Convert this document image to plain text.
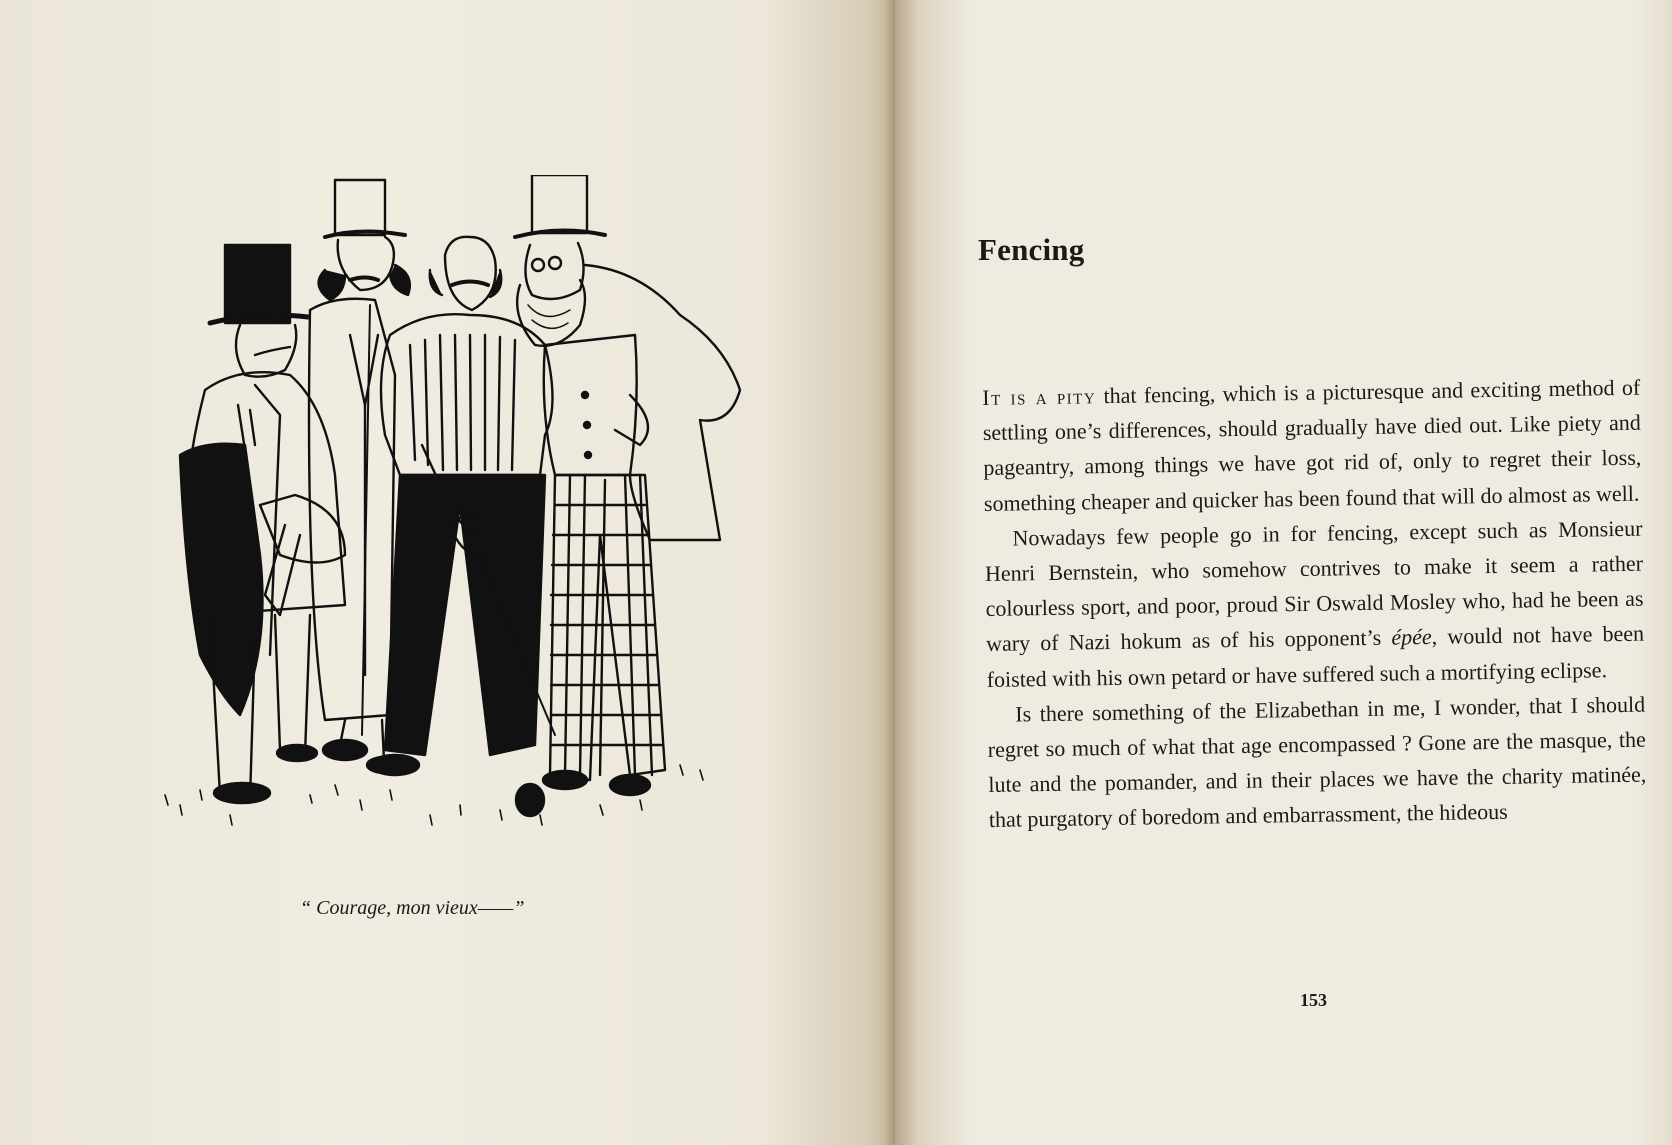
“ Courage, mon vieux——”
Fencing

It is a pity that fencing, which is a picturesque and exciting method of settling one’s differences, should gradually have died out. Like piety and pageantry, among things we have got rid of, only to regret their loss, something cheaper and quicker has been found that will do almost as well.

Nowadays few people go in for fencing, except such as Monsieur Henri Bernstein, who somehow contrives to make it seem a rather colourless sport, and poor, proud Sir Oswald Mosley who, had he been as wary of Nazi hokum as of his opponent’s épée, would not have been foisted with his own petard or have suffered such a mortifying eclipse.

Is there something of the Elizabethan in me, I wonder, that I should regret so much of what that age encompassed ? Gone are the masque, the lute and the pomander, and in their places we have the charity matinée, that purgatory of boredom and embarrassment, the hideous

153
